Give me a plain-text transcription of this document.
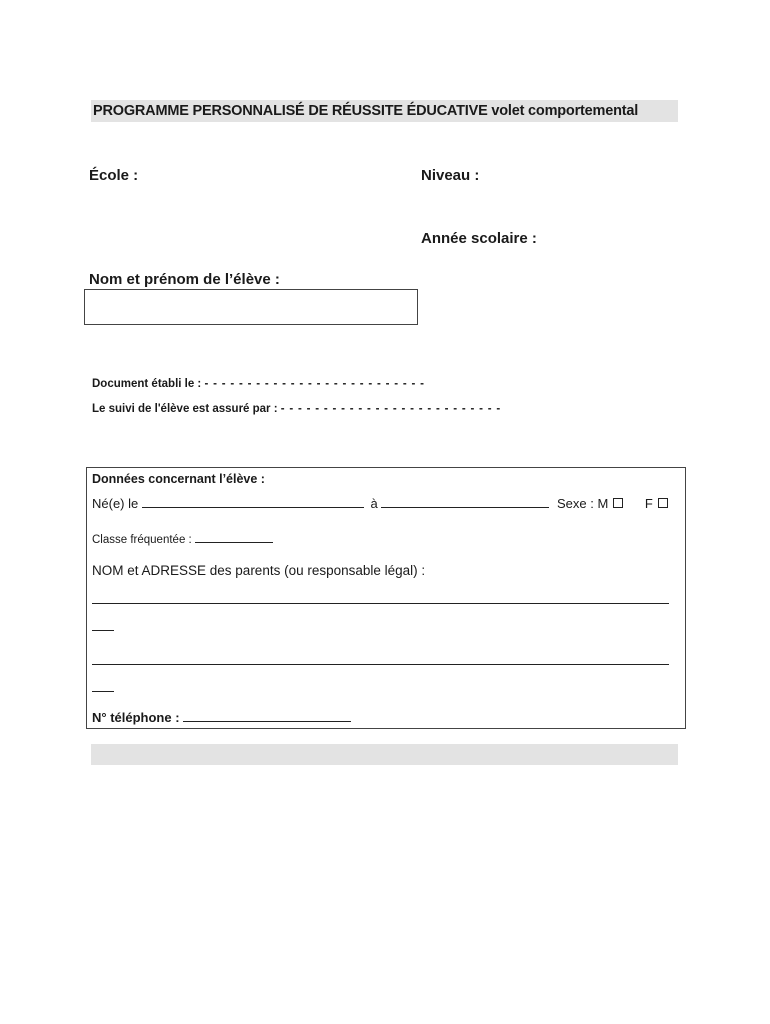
PROGRAMME PERSONNALISÉ DE RÉUSSITE ÉDUCATIVE volet comportemental
École :	Niveau :
Année scolaire :
Nom et prénom de l’élève :
Document établi le : - - - - - - - - - - - - - - - - - - - - - - - - - -
Le suivi de l'élève est assuré par : - - - - - - - - - - - - - - - - - - - - - - - - - -
Données concernant l’élève :
Né(e) le	à	Sexe : M	F
Classe fréquentée :
NOM et ADRESSE des parents (ou responsable légal) :
N° téléphone :
